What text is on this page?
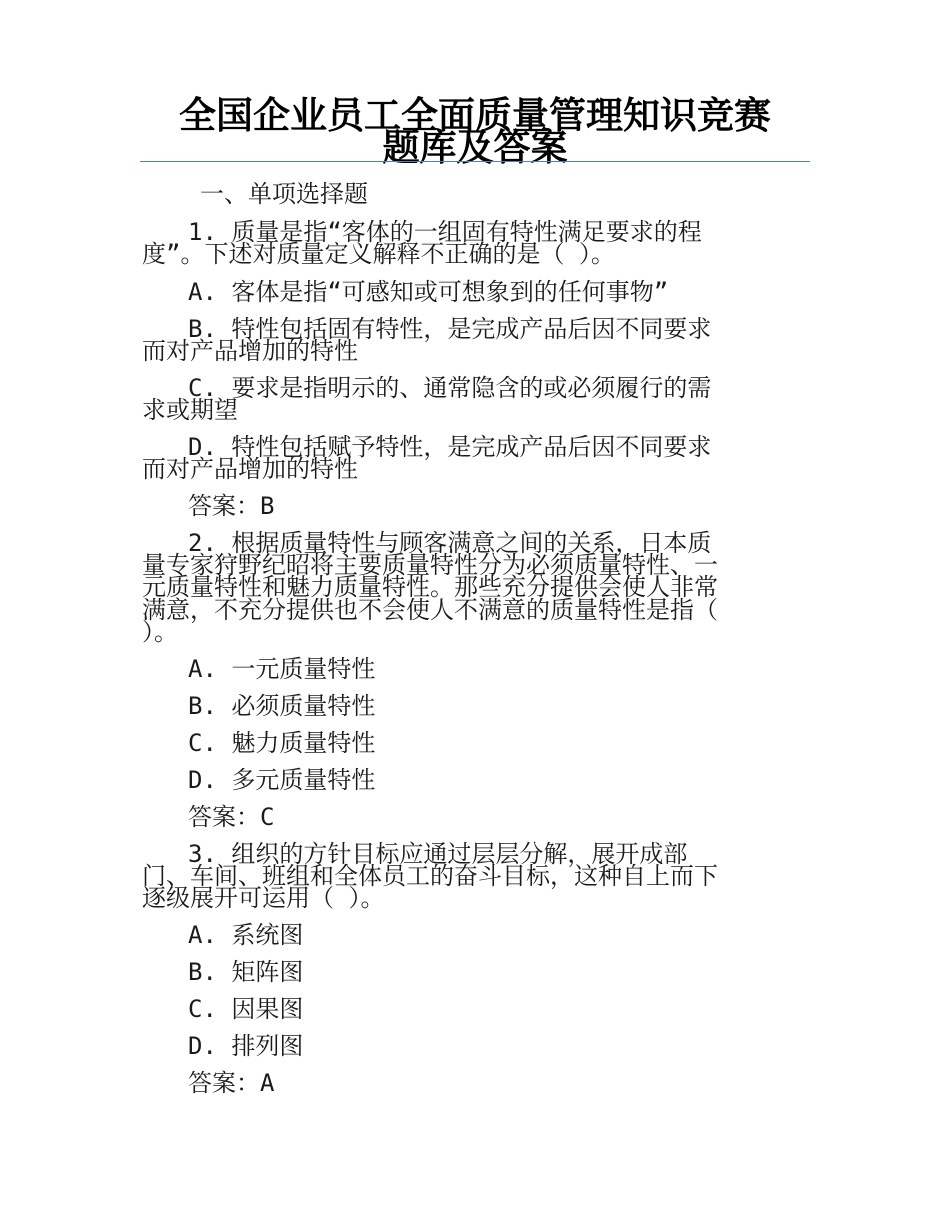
全国企业员工全面质量管理知识竞赛
题库及答案
一、单项选择题
1. 质量是指“客体的一组固有特性满足要求的程
度”。下述对质量定义解释不正确的是（ ）。
A. 客体是指“可感知或可想象到的任何事物”
B. 特性包括固有特性，是完成产品后因不同要求
而对产品增加的特性
C. 要求是指明示的、通常隐含的或必须履行的需
求或期望
D. 特性包括赋予特性，是完成产品后因不同要求
而对产品增加的特性
答案：B
2. 根据质量特性与顾客满意之间的关系，日本质
量专家狩野纪昭将主要质量特性分为必须质量特性、一
元质量特性和魅力质量特性。那些充分提供会使人非常
满意，不充分提供也不会使人不满意的质量特性是指（
）。
A. 一元质量特性
B. 必须质量特性
C. 魅力质量特性
D. 多元质量特性
答案：C
3. 组织的方针目标应通过层层分解，展开成部
门、车间、班组和全体员工的奋斗目标，这种自上而下
逐级展开可运用（ ）。
A. 系统图
B. 矩阵图
C. 因果图
D. 排列图
答案：A
